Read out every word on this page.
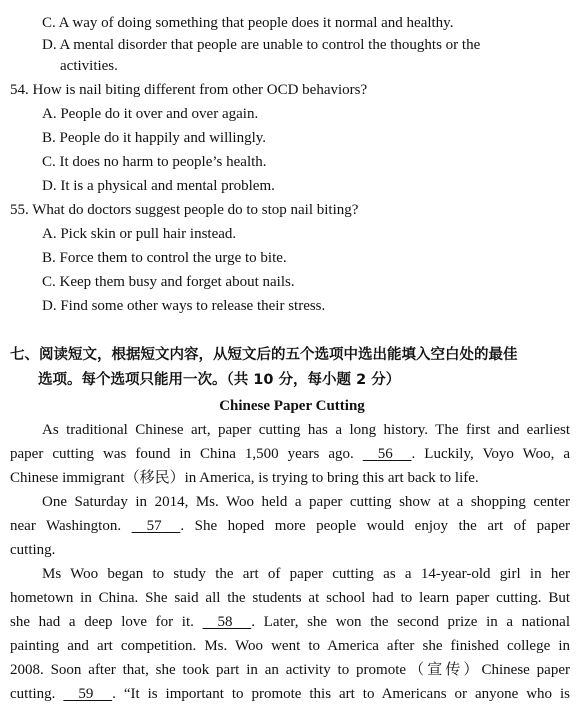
C. A way of doing something that people does it normal and healthy.
D. A mental disorder that people are unable to control the thoughts or the
activities.
54. How is nail biting different from other OCD behaviors?
A. People do it over and over again.
B. People do it happily and willingly.
C. It does no harm to people’s health.
D. It is a physical and mental problem.
55. What do doctors suggest people do to stop nail biting?
A. Pick skin or pull hair instead.
B. Force them to control the urge to bite.
C. Keep them busy and forget about nails.
D. Find some other ways to release their stress.
七、阅读短文，根据短文内容，从短文后的五个选项中选出能填入空白处的最佳
选项。每个选项只能用一次。（共 10 分，每小题 2 分）
Chinese Paper Cutting
As traditional Chinese art, paper cutting has a long history. The first and earliest
paper cutting was found in China 1,500 years ago.     56 . Luckily, Voyo Woo, a
Chinese immigrant（移民）in America, is trying to bring this art back to life.
One Saturday in 2014, Ms. Woo held a paper cutting show at a shopping center
near Washington.     57 . She hoped more people would enjoy the art of paper
cutting.
Ms Woo began to study the art of paper cutting as a 14-year-old girl in her
hometown in China. She said all the students at school had to learn paper cutting. But
she had a deep love for it.     58 . Later, she won the second prize in a national
painting and art competition. Ms. Woo went to America after she finished college in
2008. Soon after that, she took part in an activity to promote（宣传）Chinese paper
cutting.     59 . “It is important to promote this art to Americans or anyone who is
